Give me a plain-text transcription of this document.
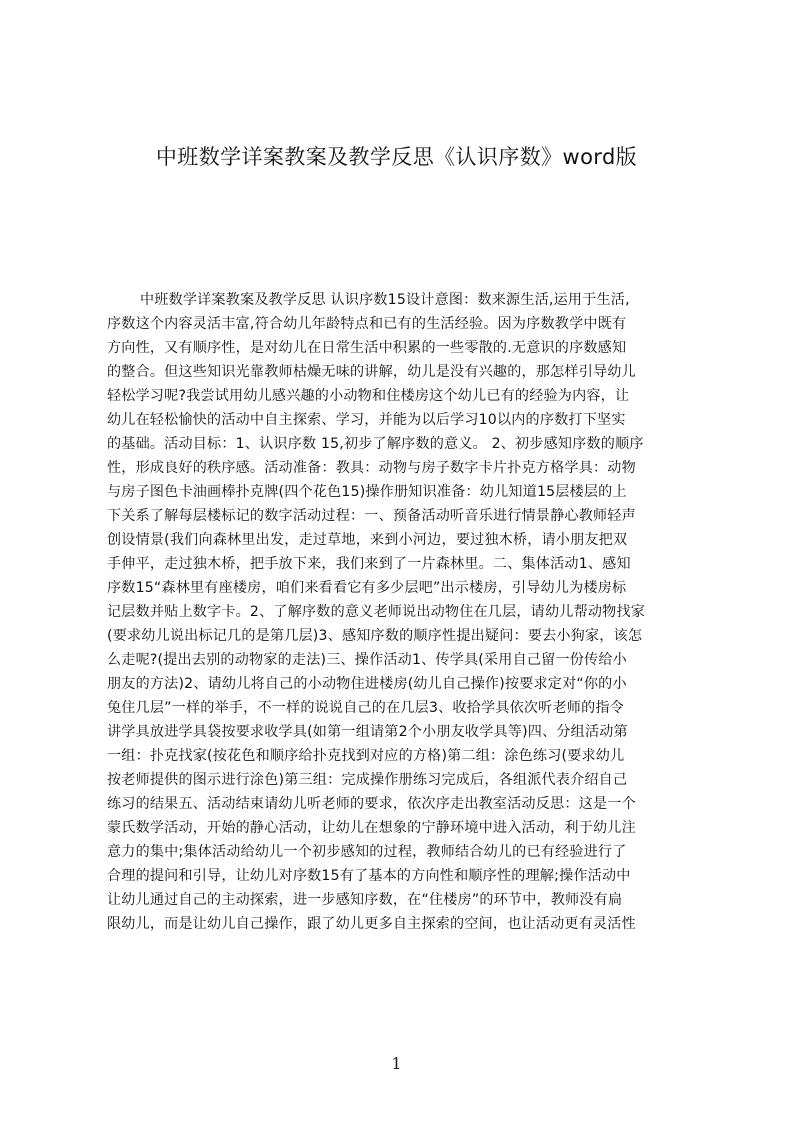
中班数学详案教案及教学反思《认识序数》word版
中班数学详案教案及教学反思 认识序数15设计意图：数来源生活,运用于生活,
序数这个内容灵活丰富,符合幼儿年龄特点和已有的生活经验。因为序数教学中既有
方向性，又有顺序性，是对幼儿在日常生活中积累的一些零散的.无意识的序数感知
的整合。但这些知识光靠教师枯燥无味的讲解，幼儿是没有兴趣的，那怎样引导幼儿
轻松学习呢?我尝试用幼儿感兴趣的小动物和住楼房这个幼儿已有的经验为内容，让
幼儿在轻松愉快的活动中自主探索、学习，并能为以后学习10以内的序数打下坚实
的基础。活动目标：1、认识序数 15,初步了解序数的意义。 2、初步感知序数的顺序
性，形成良好的秩序感。活动准备：教具：动物与房子数字卡片扑克方格学具：动物
与房子图色卡油画棒扑克牌(四个花色15)操作册知识准备：幼儿知道15层楼层的上
下关系了解每层楼标记的数字活动过程：一、预备活动听音乐进行情景静心教师轻声
创设情景(我们向森林里出发，走过草地，来到小河边，要过独木桥，请小朋友把双
手伸平，走过独木桥，把手放下来，我们来到了一片森林里。二、集体活动1、感知
序数15“森林里有座楼房，咱们来看看它有多少层吧”出示楼房，引导幼儿为楼房标
记层数并贴上数字卡。2、了解序数的意义老师说出动物住在几层，请幼儿帮动物找家
(要求幼儿说出标记几的是第几层)3、感知序数的顺序性提出疑问：要去小狗家，该怎
么走呢?(提出去别的动物家的走法)三、操作活动1、传学具(采用自己留一份传给小
朋友的方法)2、请幼儿将自己的小动物住进楼房(幼儿自己操作)按要求定对“你的小
兔住几层”一样的举手，不一样的说说自己的在几层3、收拾学具依次听老师的指令
讲学具放进学具袋按要求收学具(如第一组请第2个小朋友收学具等)四、分组活动第
一组：扑克找家(按花色和顺序给扑克找到对应的方格)第二组：涂色练习(要求幼儿
按老师提供的图示进行涂色)第三组：完成操作册练习完成后，各组派代表介绍自己
练习的结果五、活动结束请幼儿听老师的要求，依次序走出教室活动反思：这是一个
蒙氏数学活动，开始的静心活动，让幼儿在想象的宁静环境中进入活动，利于幼儿注
意力的集中;集体活动给幼儿一个初步感知的过程，教师结合幼儿的已有经验进行了
合理的提问和引导，让幼儿对序数15有了基本的方向性和顺序性的理解;操作活动中
让幼儿通过自己的主动探索，进一步感知序数，在“住楼房”的环节中，教师没有扃
限幼儿，而是让幼儿自己操作，跟了幼儿更多自主探索的空间，也让活动更有灵活性
1
